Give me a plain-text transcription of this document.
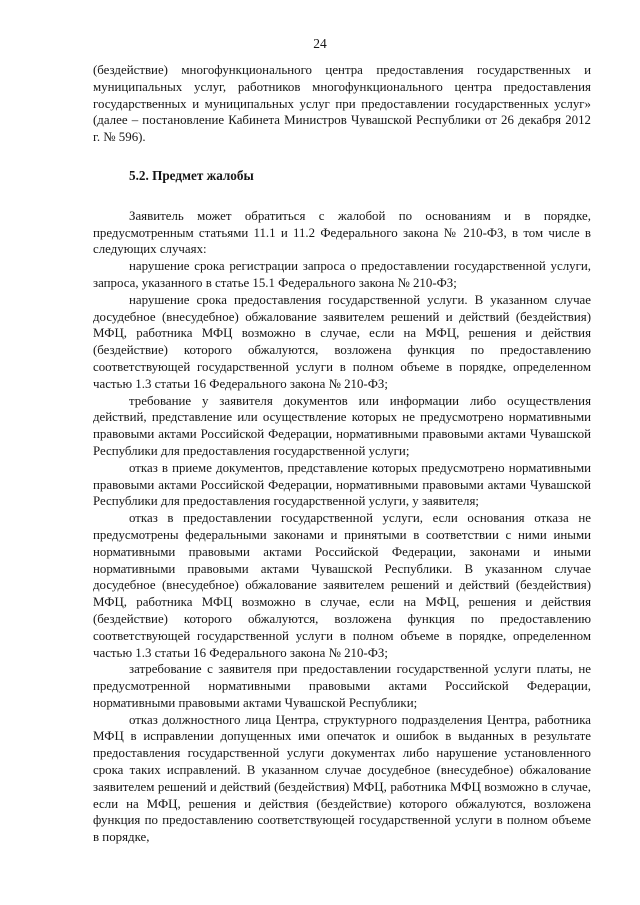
24

(бездействие) многофункционального центра предоставления государственных и муниципальных услуг, работников многофункционального центра предоставления государственных и муниципальных услуг при предоставлении государственных услуг» (далее – постановление Кабинета Министров Чувашской Республики от 26 декабря 2012 г. № 596).

5.2. Предмет жалобы

Заявитель может обратиться с жалобой по основаниям и в порядке, предусмотренным статьями 11.1 и 11.2 Федерального закона № 210-ФЗ, в том числе в следующих случаях:

нарушение срока регистрации запроса о предоставлении государственной услуги, запроса, указанного в статье 15.1 Федерального закона № 210-ФЗ;

нарушение срока предоставления государственной услуги. В указанном случае досудебное (внесудебное) обжалование заявителем решений и действий (бездействия) МФЦ, работника МФЦ возможно в случае, если на МФЦ, решения и действия (бездействие) которого обжалуются, возложена функция по предоставлению соответствующей государственной услуги в полном объеме в порядке, определенном частью 1.3 статьи 16 Федерального закона № 210-ФЗ;

требование у заявителя документов или информации либо осуществления действий, представление или осуществление которых не предусмотрено нормативными правовыми актами Российской Федерации, нормативными правовыми актами Чувашской Республики для предоставления государственной услуги;

отказ в приеме документов, представление которых предусмотрено нормативными правовыми актами Российской Федерации, нормативными правовыми актами Чувашской Республики для предоставления государственной услуги, у заявителя;

отказ в предоставлении государственной услуги, если основания отказа не предусмотрены федеральными законами и принятыми в соответствии с ними иными нормативными правовыми актами Российской Федерации, законами и иными нормативными правовыми актами Чувашской Республики. В указанном случае досудебное (внесудебное) обжалование заявителем решений и действий (бездействия) МФЦ, работника МФЦ возможно в случае, если на МФЦ, решения и действия (бездействие) которого обжалуются, возложена функция по предоставлению соответствующей государственной услуги в полном объеме в порядке, определенном частью 1.3 статьи 16 Федерального закона № 210-ФЗ;

затребование с заявителя при предоставлении государственной услуги платы, не предусмотренной нормативными правовыми актами Российской Федерации, нормативными правовыми актами Чувашской Республики;

отказ должностного лица Центра, структурного подразделения Центра, работника МФЦ в исправлении допущенных ими опечаток и ошибок в выданных в результате предоставления государственной услуги документах либо нарушение установленного срока таких исправлений. В указанном случае досудебное (внесудебное) обжалование заявителем решений и действий (бездействия) МФЦ, работника МФЦ возможно в случае, если на МФЦ, решения и действия (бездействие) которого обжалуются, возложена функция по предоставлению соответствующей государственной услуги в полном объеме в порядке,
